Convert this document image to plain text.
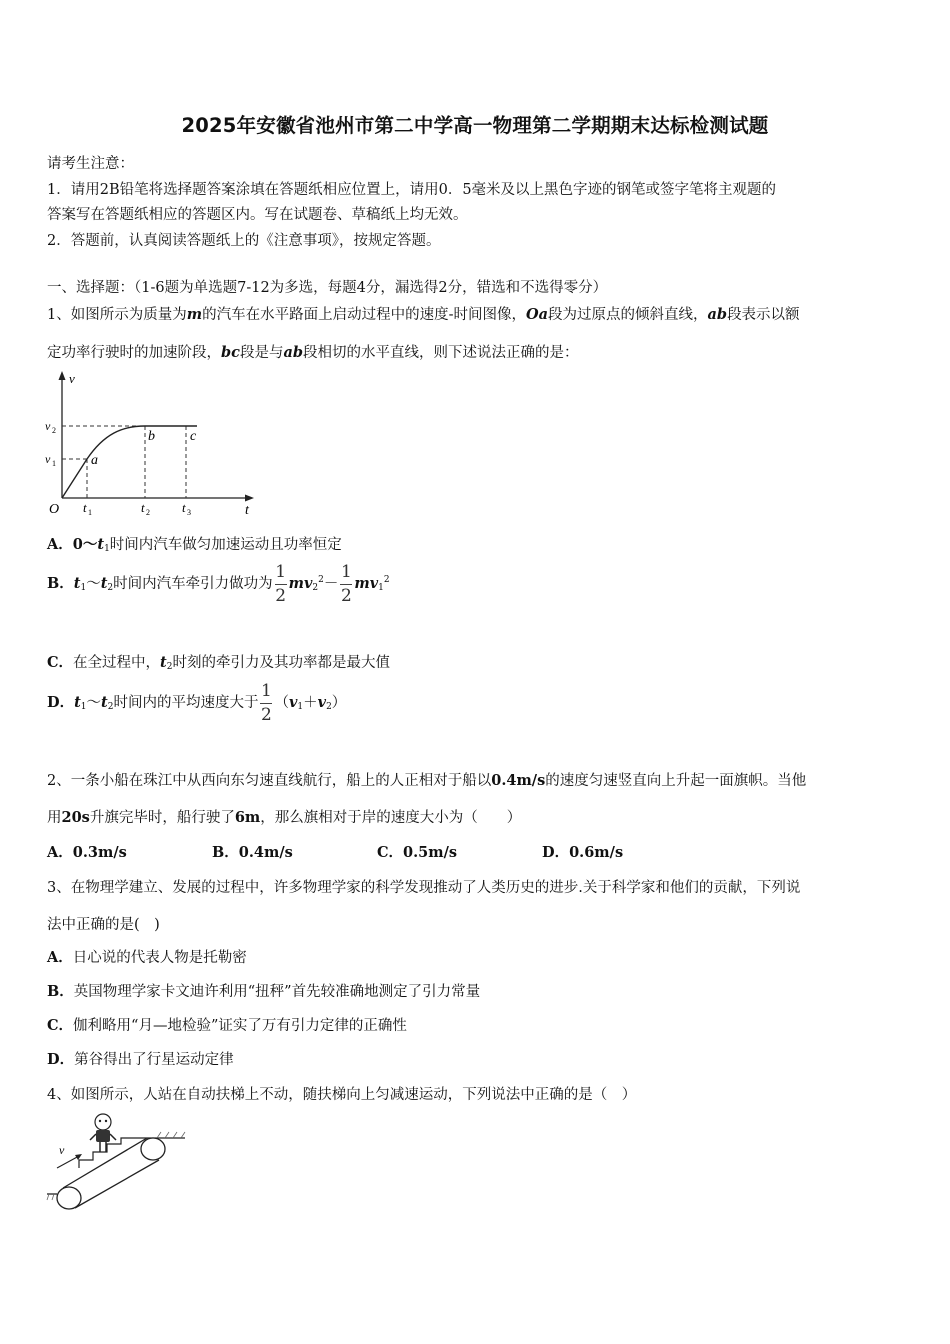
2025年安徽省池州市第二中学高一物理第二学期期末达标检测试题
请考生注意：
1．请用2B铅笔将选择题答案涂填在答题纸相应位置上，请用0．5毫米及以上黑色字迹的钢笔或签字笔将主观题的
答案写在答题纸相应的答题区内。写在试题卷、草稿纸上均无效。
2．答题前，认真阅读答题纸上的《注意事项》，按规定答题。
一、选择题：（1-6题为单选题7-12为多选，每题4分，漏选得2分，错选和不选得零分）
1、如图所示为质量为m的汽车在水平路面上启动过程中的速度-时间图像，Oa段为过原点的倾斜直线，ab段表示以额
定功率行驶时的加速阶段，bc段是与ab段相切的水平直线，则下述说法正确的是：
v
t
O
v 2
v 1
t 1	t 2 t 3
a
b	c
A．$0\sim t_1$时间内汽车做匀加速运动且功率恒定
B．$t_1\sim t_2$时间内汽车牵引力做功为 $\frac{1}{2} mv_2^2- \frac{1}{2} mv_1^2$
C．在全过程中，$t_2$时刻的牵引力及其功率都是最大值
D．$t_1\sim t_2$时间内的平均速度大于 $\frac{1}{2} (v_1+v_2)$
2、一条小船在珠江中从西向东匀速直线航行，船上的人正相对于船以0.4m/s的速度匀速竖直向上升起一面旗帜。当他
用20s升旗完毕时，船行驶了6m，那么旗相对于岸的速度大小为（　　）
A．0.3m/s	B．0.4m/s	C．0.5m/s	D．0.6m/s
3、在物理学建立、发展的过程中，许多物理学家的科学发现推动了人类历史的进步.关于科学家和他们的贡献，下列说
法中正确的是(　)
A．日心说的代表人物是托勒密
B．英国物理学家卡文迪许利用“扭秤”首先较准确地测定了引力常量
C．伽利略用“月—地检验”证实了万有引力定律的正确性
D．第谷得出了行星运动定律
4、如图所示，人站在自动扶梯上不动，随扶梯向上匀减速运动，下列说法中正确的是（　）
v
